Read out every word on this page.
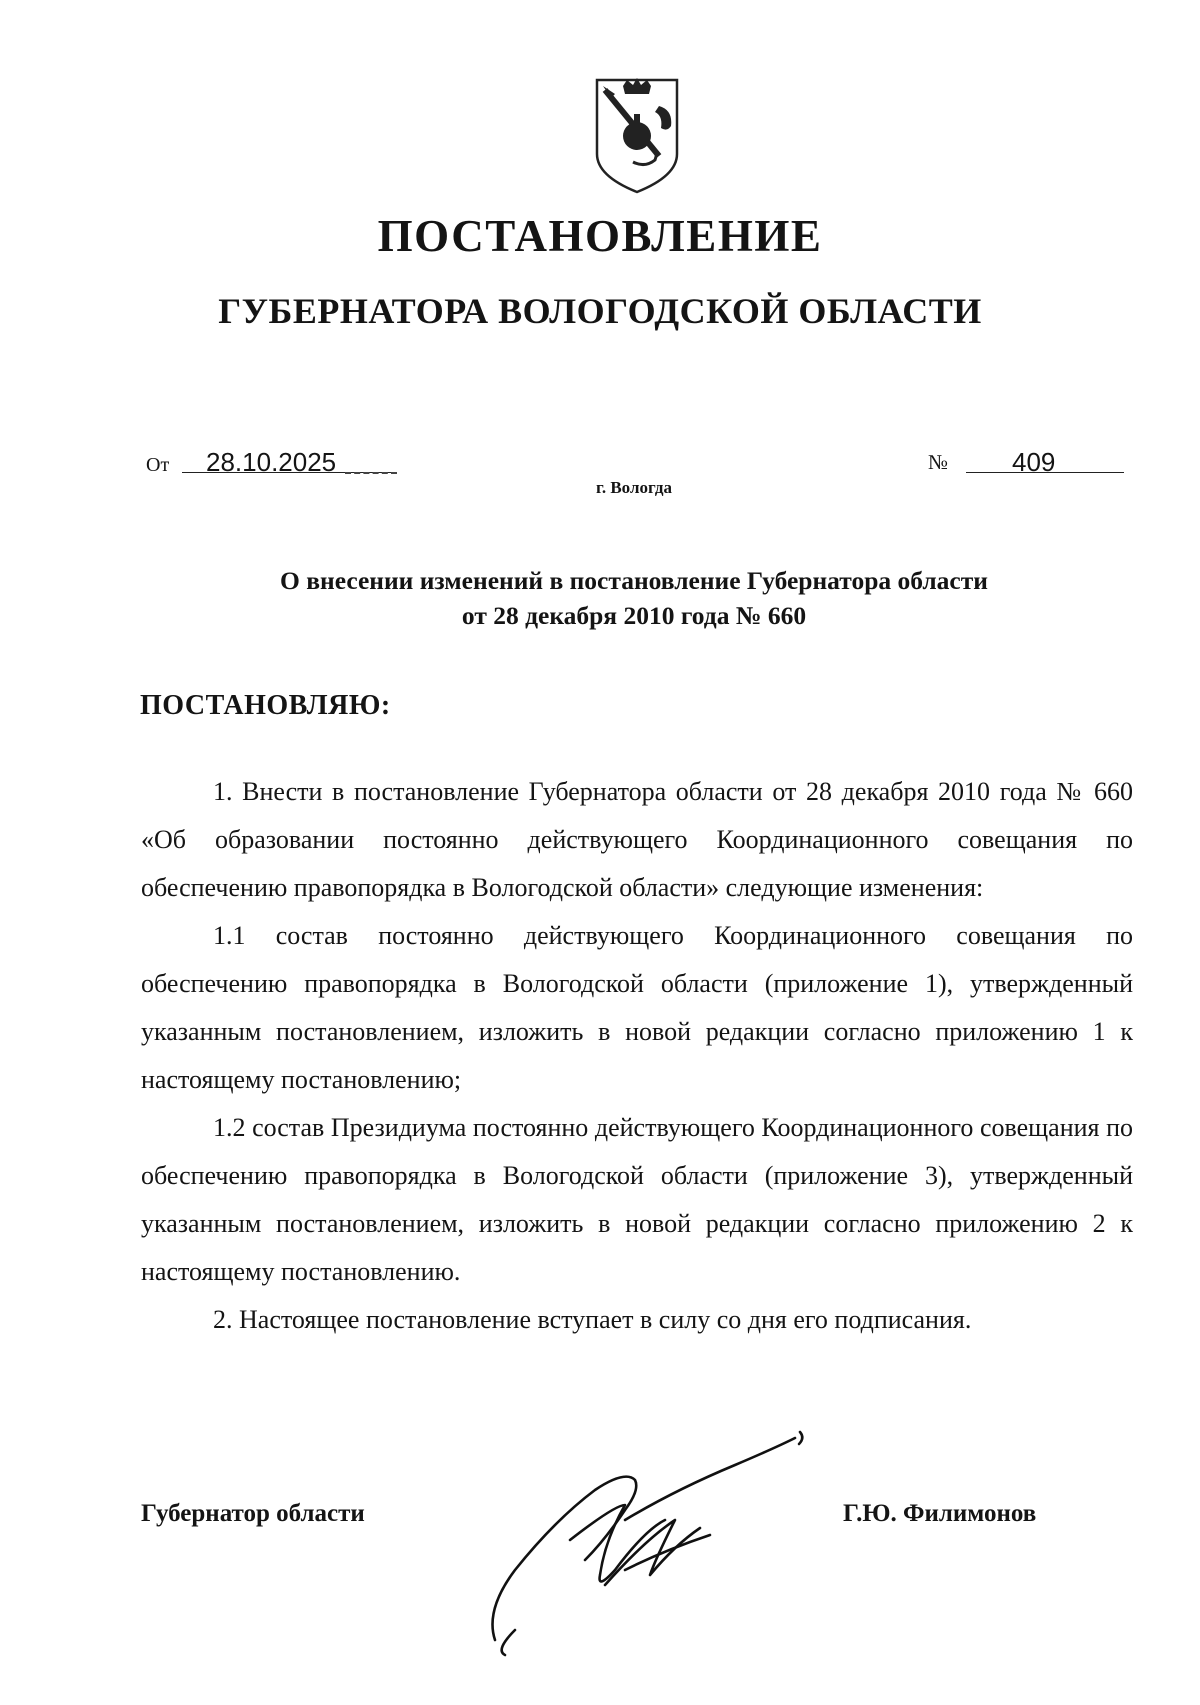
ПОСТАНОВЛЕНИЕ
ГУБЕРНАТОРА ВОЛОГОДСКОЙ ОБЛАСТИ
От 28.10.2025	№ 409
г. Вологда
О внесении изменений в постановление Губернатора области
от 28 декабря 2010 года № 660
ПОСТАНОВЛЯЮ:

1. Внести в постановление Губернатора области от 28 декабря 2010 года № 660 «Об образовании постоянно действующего Координационного совещания по обеспечению правопорядка в Вологодской области» следующие изменения:

1.1 состав постоянно действующего Координационного совещания по обеспечению правопорядка в Вологодской области (приложение 1), утвержденный указанным постановлением, изложить в новой редакции согласно приложению 1 к настоящему постановлению;

1.2 состав Президиума постоянно действующего Координационного совещания по обеспечению правопорядка в Вологодской области (приложение 3), утвержденный указанным постановлением, изложить в новой редакции согласно приложению 2 к настоящему постановлению.

2. Настоящее постановление вступает в силу со дня его подписания.

Губернатор области	Г.Ю. Филимонов
